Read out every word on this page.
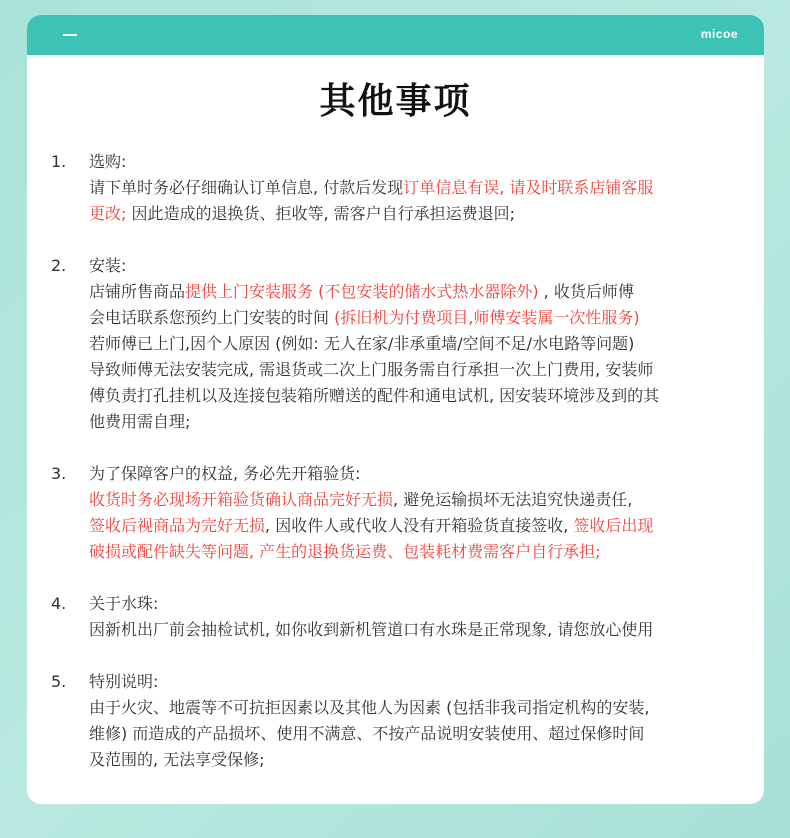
micoe
其他事项
1. 选购:
请下单时务必仔细确认订单信息, 付款后发现订单信息有误, 请及时联系店铺客服
更改; 因此造成的退换货、拒收等, 需客户自行承担运费退回;
2. 安装:
店铺所售商品提供上门安装服务 (不包安装的储水式热水器除外) , 收货后师傅
会电话联系您预约上门安装的时间 (拆旧机为付费项目,师傅安装属一次性服务)
若师傅已上门,因个人原因 (例如: 无人在家/非承重墙/空间不足/水电路等问题)
导致师傅无法安装完成, 需退货或二次上门服务需自行承担一次上门费用, 安装师
傅负责打孔挂机以及连接包装箱所赠送的配件和通电试机, 因安装环境涉及到的其
他费用需自理;
3. 为了保障客户的权益, 务必先开箱验货:
收货时务必现场开箱验货确认商品完好无损, 避免运输损坏无法追究快递责任,
签收后视商品为完好无损, 因收件人或代收人没有开箱验货直接签收, 签收后出现
破损或配件缺失等问题, 产生的退换货运费、包装耗材费需客户自行承担;
4. 关于水珠:
因新机出厂前会抽检试机, 如你收到新机管道口有水珠是正常现象, 请您放心使用
5. 特别说明:
由于火灾、地震等不可抗拒因素以及其他人为因素 (包括非我司指定机构的安装,
维修) 而造成的产品损坏、使用不满意、不按产品说明安装使用、超过保修时间
及范围的, 无法享受保修;
